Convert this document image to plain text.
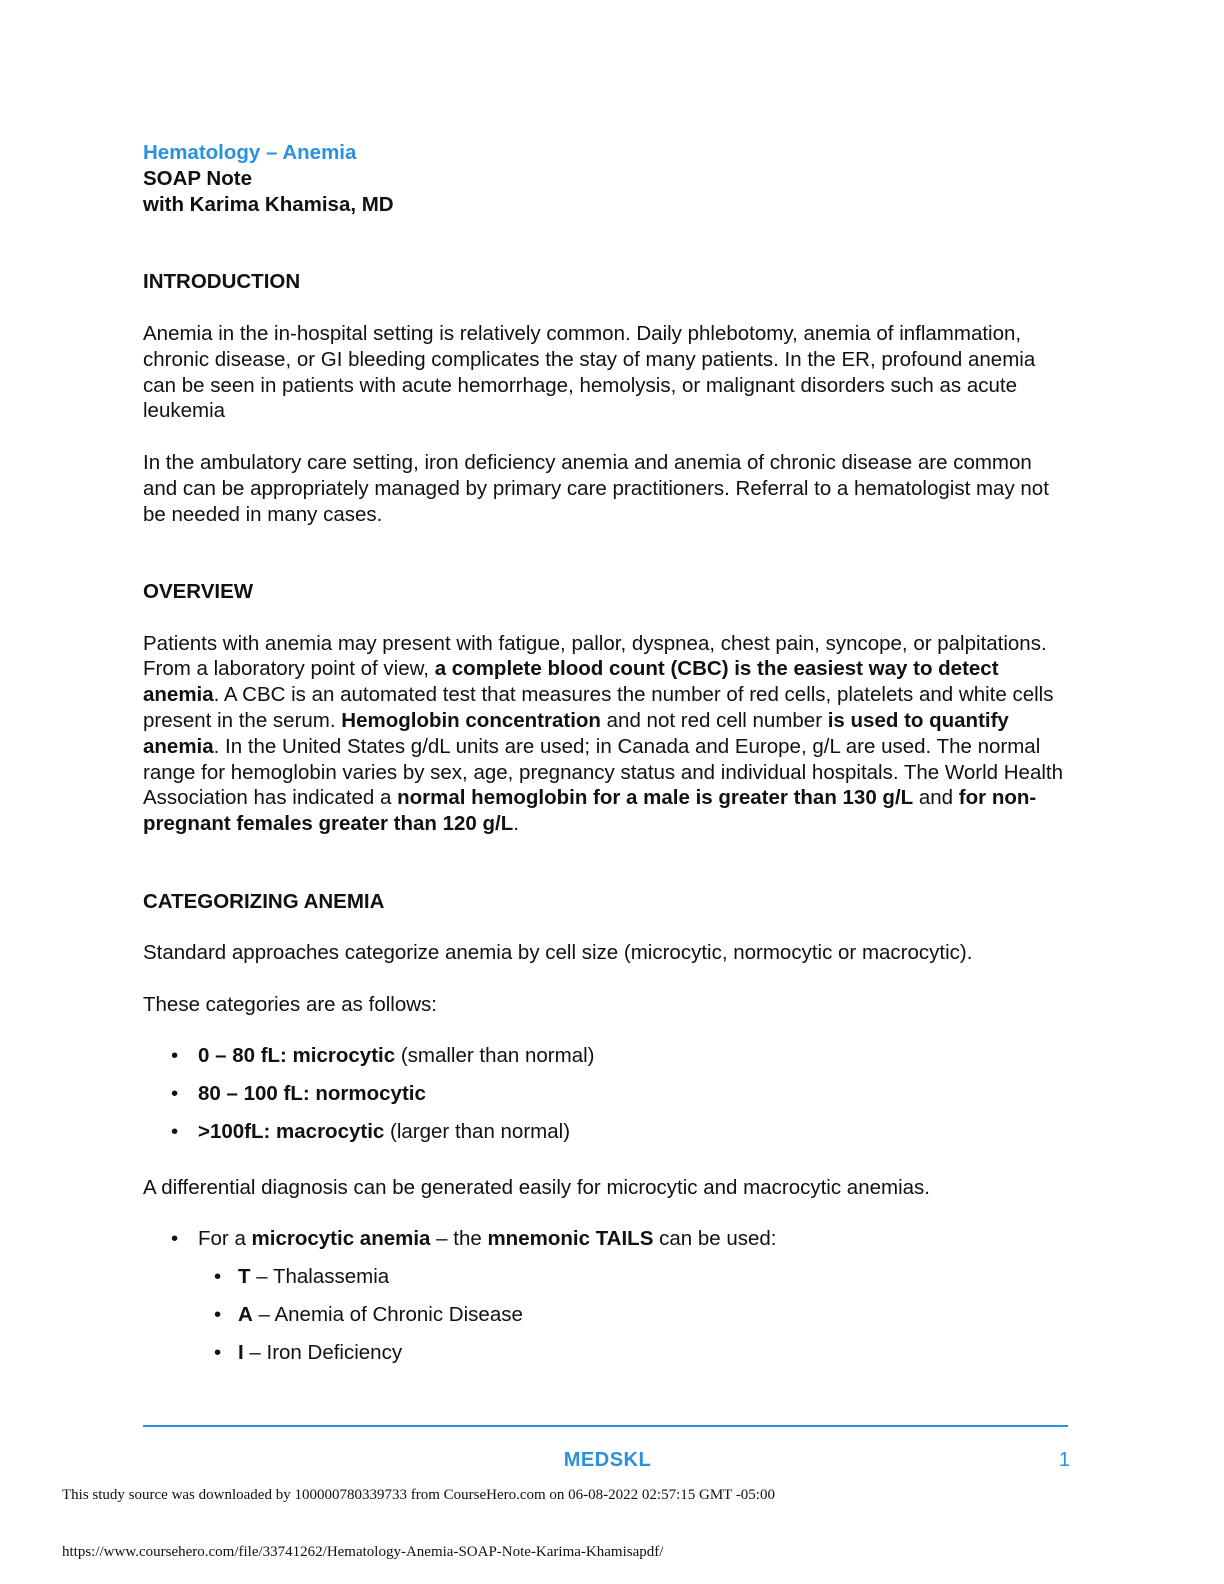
Hematology – Anemia
SOAP Note
with Karima Khamisa, MD
INTRODUCTION

Anemia in the in-hospital setting is relatively common. Daily phlebotomy, anemia of inflammation, chronic disease, or GI bleeding complicates the stay of many patients. In the ER, profound anemia can be seen in patients with acute hemorrhage, hemolysis, or malignant disorders such as acute leukemia

In the ambulatory care setting, iron deficiency anemia and anemia of chronic disease are common and can be appropriately managed by primary care practitioners. Referral to a hematologist may not be needed in many cases.

OVERVIEW

Patients with anemia may present with fatigue, pallor, dyspnea, chest pain, syncope, or palpitations. From a laboratory point of view, a complete blood count (CBC) is the easiest way to detect anemia. A CBC is an automated test that measures the number of red cells, platelets and white cells present in the serum. Hemoglobin concentration and not red cell number is used to quantify anemia. In the United States g/dL units are used; in Canada and Europe, g/L are used. The normal range for hemoglobin varies by sex, age, pregnancy status and individual hospitals. The World Health Association has indicated a normal hemoglobin for a male is greater than 130 g/L and for non-pregnant females greater than 120 g/L.

CATEGORIZING ANEMIA

Standard approaches categorize anemia by cell size (microcytic, normocytic or macrocytic).

These categories are as follows:

• 0 – 80 fL: microcytic (smaller than normal)
• 80 – 100 fL: normocytic
• >100fL: macrocytic (larger than normal)

A differential diagnosis can be generated easily for microcytic and macrocytic anemias.

• For a microcytic anemia – the mnemonic TAILS can be used:
• T – Thalassemia
• A – Anemia of Chronic Disease
• I – Iron Deficiency
MEDSKL	1
This study source was downloaded by 100000780339733 from CourseHero.com on 06-08-2022 02:57:15 GMT -05:00
https://www.coursehero.com/file/33741262/Hematology-Anemia-SOAP-Note-Karima-Khamisapdf/
